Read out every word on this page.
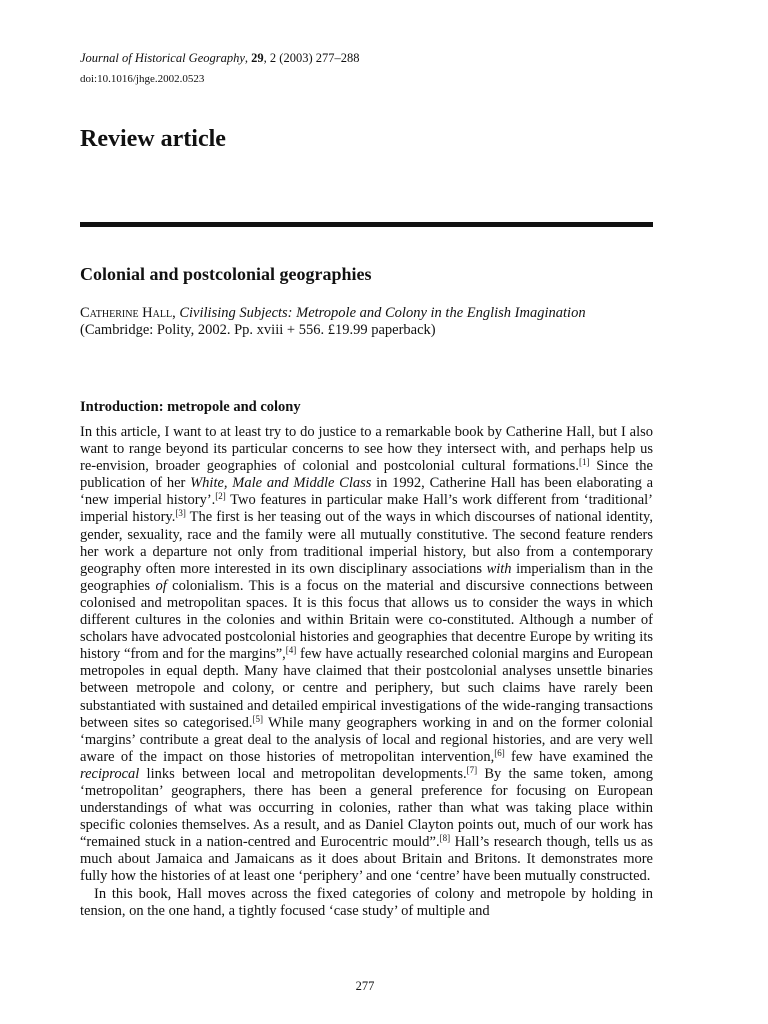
Journal of Historical Geography, 29, 2 (2003) 277–288
doi:10.1016/jhge.2002.0523
Review article
Colonial and postcolonial geographies
Catherine Hall, Civilising Subjects: Metropole and Colony in the English Imagination (Cambridge: Polity, 2002. Pp. xviii + 556. £19.99 paperback)
Introduction: metropole and colony

In this article, I want to at least try to do justice to a remarkable book by Catherine Hall, but I also want to range beyond its particular concerns to see how they intersect with, and perhaps help us re-envision, broader geographies of colonial and postcolonial cultural formations.[1] Since the publication of her White, Male and Middle Class in 1992, Catherine Hall has been elaborating a ‘new imperial history’.[2] Two features in particular make Hall’s work different from ‘traditional’ imperial history.[3] The first is her teasing out of the ways in which discourses of national identity, gender, sexuality, race and the family were all mutually constitutive. The second feature renders her work a departure not only from traditional imperial history, but also from a contemporary geography often more interested in its own disciplinary associations with imperialism than in the geographies of colonialism. This is a focus on the material and discursive connections between colonised and metropolitan spaces. It is this focus that allows us to consider the ways in which different cultures in the colonies and within Britain were co-constituted. Although a number of scholars have advocated postcolonial histories and geographies that decentre Europe by writing its history “from and for the margins”,[4] few have actually researched colonial margins and European metropoles in equal depth. Many have claimed that their postcolonial analyses unsettle binaries between metropole and colony, or centre and periphery, but such claims have rarely been substantiated with sustained and detailed empirical investigations of the wide-ranging transactions between sites so categorised.[5] While many geographers working in and on the former colonial ‘margins’ contribute a great deal to the analysis of local and regional histories, and are very well aware of the impact on those histories of metropolitan intervention,[6] few have examined the reciprocal links between local and metropolitan developments.[7] By the same token, among ‘metropolitan’ geographers, there has been a general preference for focusing on European understandings of what was occurring in colonies, rather than what was taking place within specific colonies themselves. As a result, and as Daniel Clayton points out, much of our work has “remained stuck in a nation-centred and Eurocentric mould”.[8] Hall’s research though, tells us as much about Jamaica and Jamaicans as it does about Britain and Britons. It demonstrates more fully how the histories of at least one ‘periphery’ and one ‘centre’ have been mutually constructed.

In this book, Hall moves across the fixed categories of colony and metropole by holding in tension, on the one hand, a tightly focused ‘case study’ of multiple and

277
